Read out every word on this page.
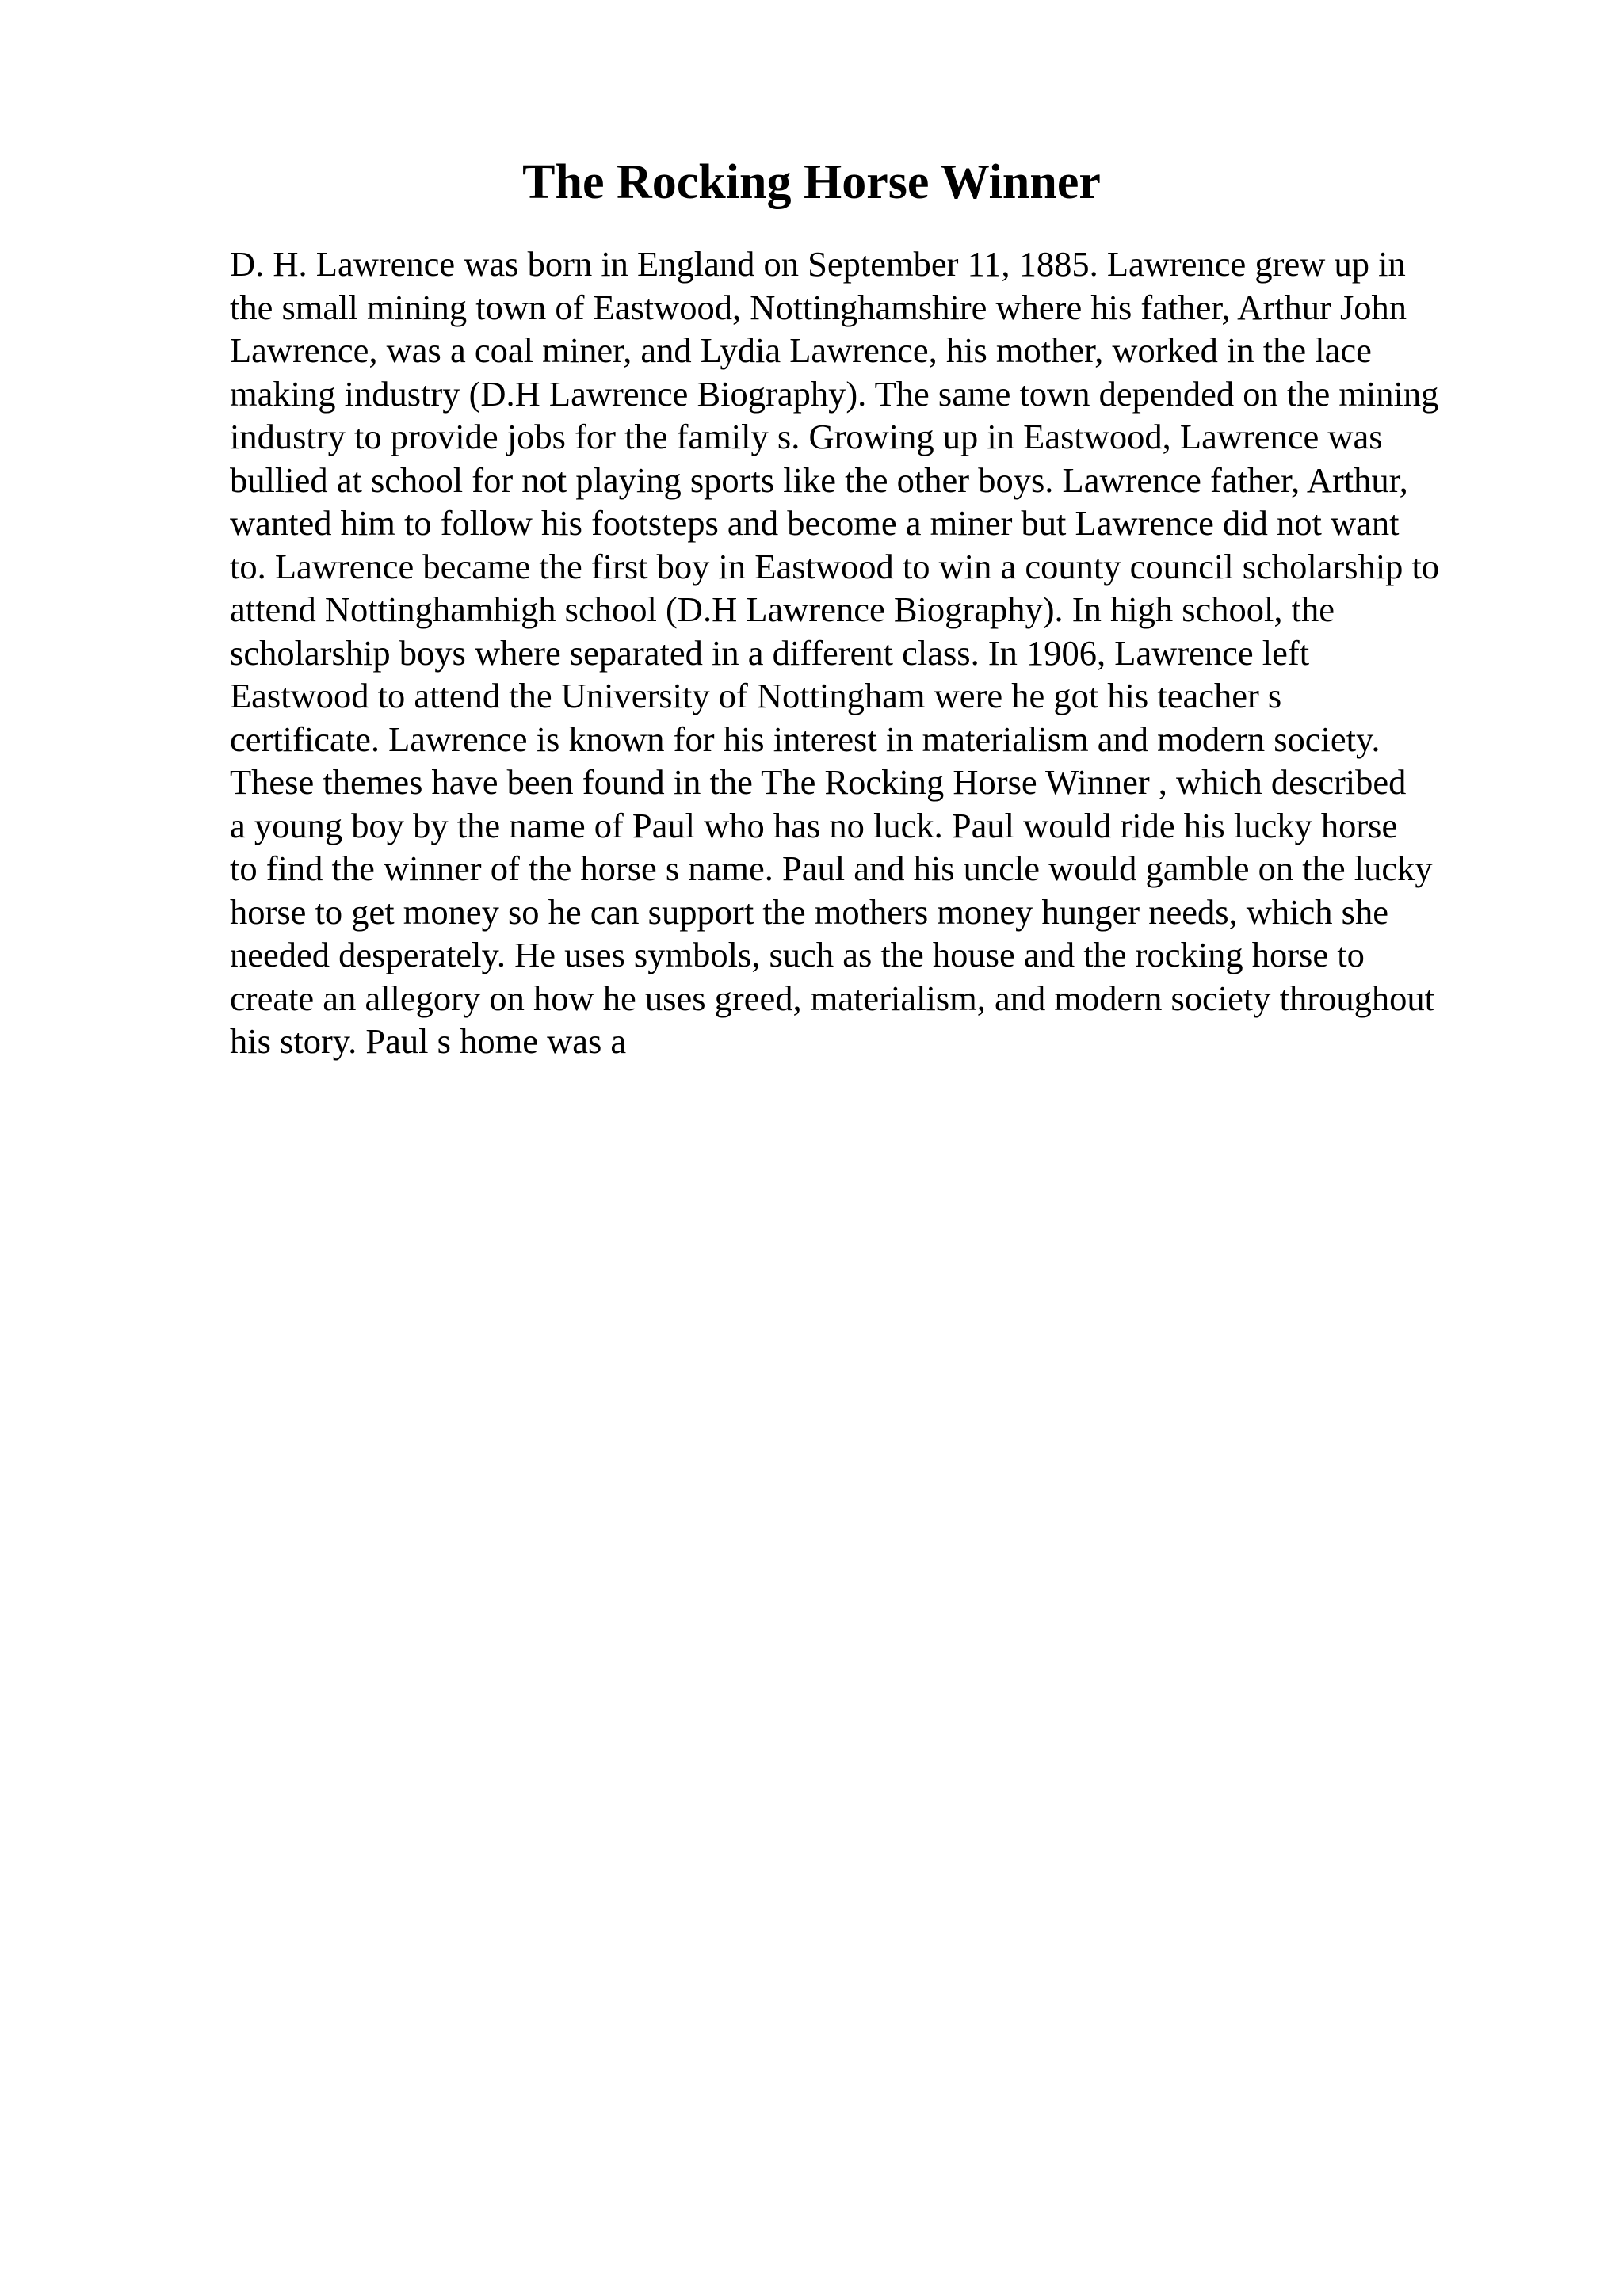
The Rocking Horse Winner
D. H. Lawrence was born in England on September 11, 1885. Lawrence grew up in
the small mining town of Eastwood, Nottinghamshire where his father, Arthur John
Lawrence, was a coal miner, and Lydia Lawrence, his mother, worked in the lace
making industry (D.H Lawrence Biography). The same town depended on the mining
industry to provide jobs for the family s. Growing up in Eastwood, Lawrence was
bullied at school for not playing sports like the other boys. Lawrence father, Arthur,
wanted him to follow his footsteps and become a miner but Lawrence did not want
to. Lawrence became the first boy in Eastwood to win a county council scholarship to
attend Nottinghamhigh school (D.H Lawrence Biography). In high school, the
scholarship boys where separated in a different class. In 1906, Lawrence left
Eastwood to attend the University of Nottingham were he got his teacher s
certificate. Lawrence is known for his interest in materialism and modern society.
These themes have been found in the The Rocking Horse Winner , which described
a young boy by the name of Paul who has no luck. Paul would ride his lucky horse
to find the winner of the horse s name. Paul and his uncle would gamble on the lucky
horse to get money so he can support the mothers money hunger needs, which she
needed desperately. He uses symbols, such as the house and the rocking horse to
create an allegory on how he uses greed, materialism, and modern society throughout
his story. Paul s home was a
